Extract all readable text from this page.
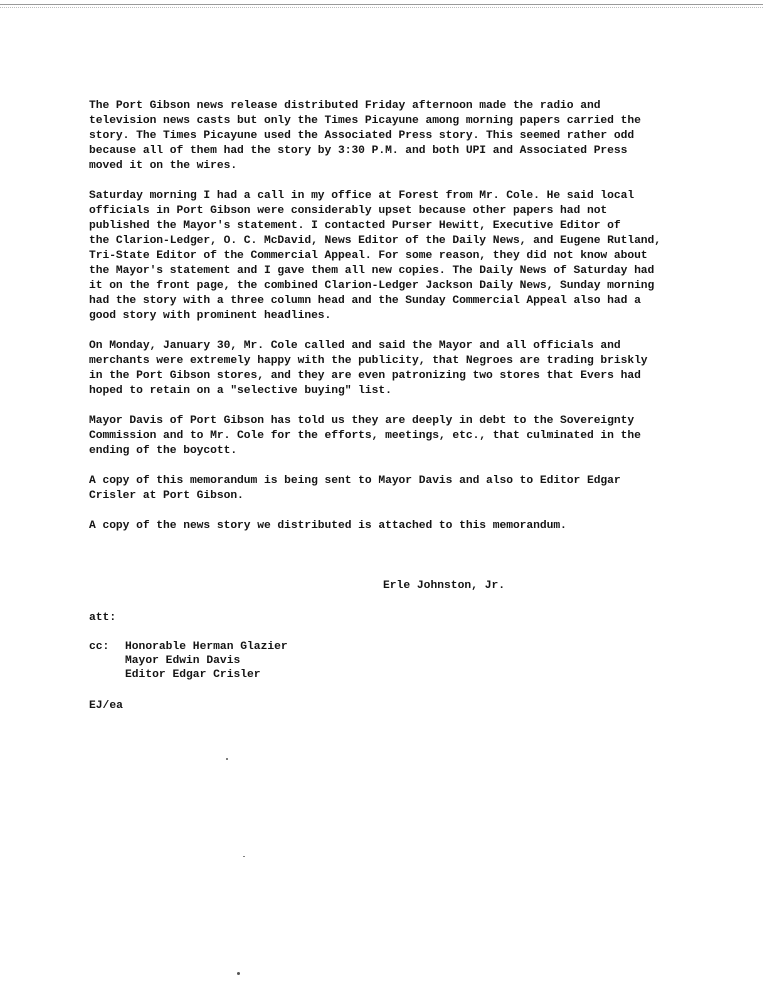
The Port Gibson news release distributed Friday afternoon made the radio and
television news casts but only the Times Picayune among morning papers carried the
story. The Times Picayune used the Associated Press story. This seemed rather odd
because all of them had the story by 3:30 P.M. and both UPI and Associated Press
moved it on the wires.

Saturday morning I had a call in my office at Forest from Mr. Cole. He said local
officials in Port Gibson were considerably upset because other papers had not
published the Mayor's statement. I contacted Purser Hewitt, Executive Editor of
the Clarion-Ledger, O. C. McDavid, News Editor of the Daily News, and Eugene Rutland,
Tri-State Editor of the Commercial Appeal. For some reason, they did not know about
the Mayor's statement and I gave them all new copies. The Daily News of Saturday had
it on the front page, the combined Clarion-Ledger Jackson Daily News, Sunday morning
had the story with a three column head and the Sunday Commercial Appeal also had a
good story with prominent headlines.

On Monday, January 30, Mr. Cole called and said the Mayor and all officials and
merchants were extremely happy with the publicity, that Negroes are trading briskly
in the Port Gibson stores, and they are even patronizing two stores that Evers had
hoped to retain on a "selective buying" list.

Mayor Davis of Port Gibson has told us they are deeply in debt to the Sovereignty
Commission and to Mr. Cole for the efforts, meetings, etc., that culminated in the
ending of the boycott.

A copy of this memorandum is being sent to Mayor Davis and also to Editor Edgar
Crisler at Port Gibson.

A copy of the news story we distributed is attached to this memorandum.

Erle Johnston, Jr.
att:
cc:	Honorable Herman Glazier
Mayor Edwin Davis
Editor Edgar Crisler
EJ/ea
